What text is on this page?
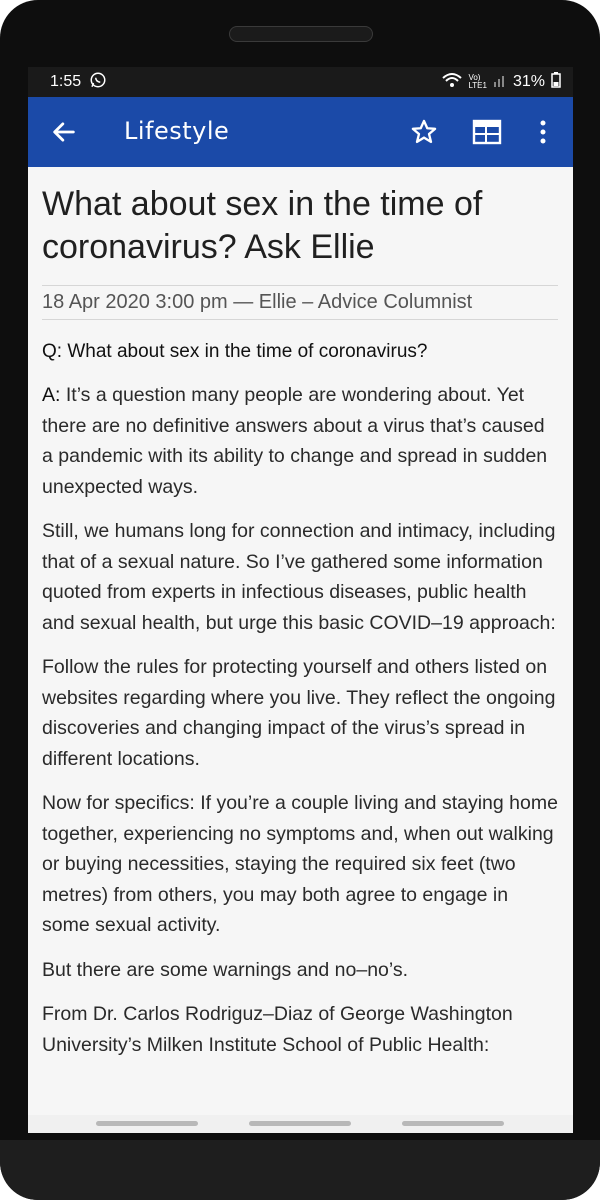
1:55	Vo)
LTE1 31%
Lifestyle
What about sex in the time of coronavirus? Ask Ellie
18 Apr 2020 3:00 pm — Ellie – Advice Columnist

Q: What about sex in the time of coronavirus?

A: It’s a question many people are wondering about. Yet there are no definitive answers about a virus that’s caused a pandemic with its ability to change and spread in sudden unexpected ways.

Still, we humans long for connection and intimacy, including that of a sexual nature. So I’ve gathered some information quoted from experts in infectious diseases, public health and sexual health, but urge this basic COVID–19 approach:

Follow the rules for protecting yourself and others listed on websites regarding where you live. They reflect the ongoing discoveries and changing impact of the virus’s spread in different locations.

Now for specifics: If you’re a couple living and staying home together, experiencing no symptoms and, when out walking or buying necessities, staying the required six feet (two metres) from others, you may both agree to engage in some sexual activity.

But there are some warnings and no–no’s.

From Dr. Carlos Rodriguz–Diaz of George Washington University’s Milken Institute School of Public Health:
